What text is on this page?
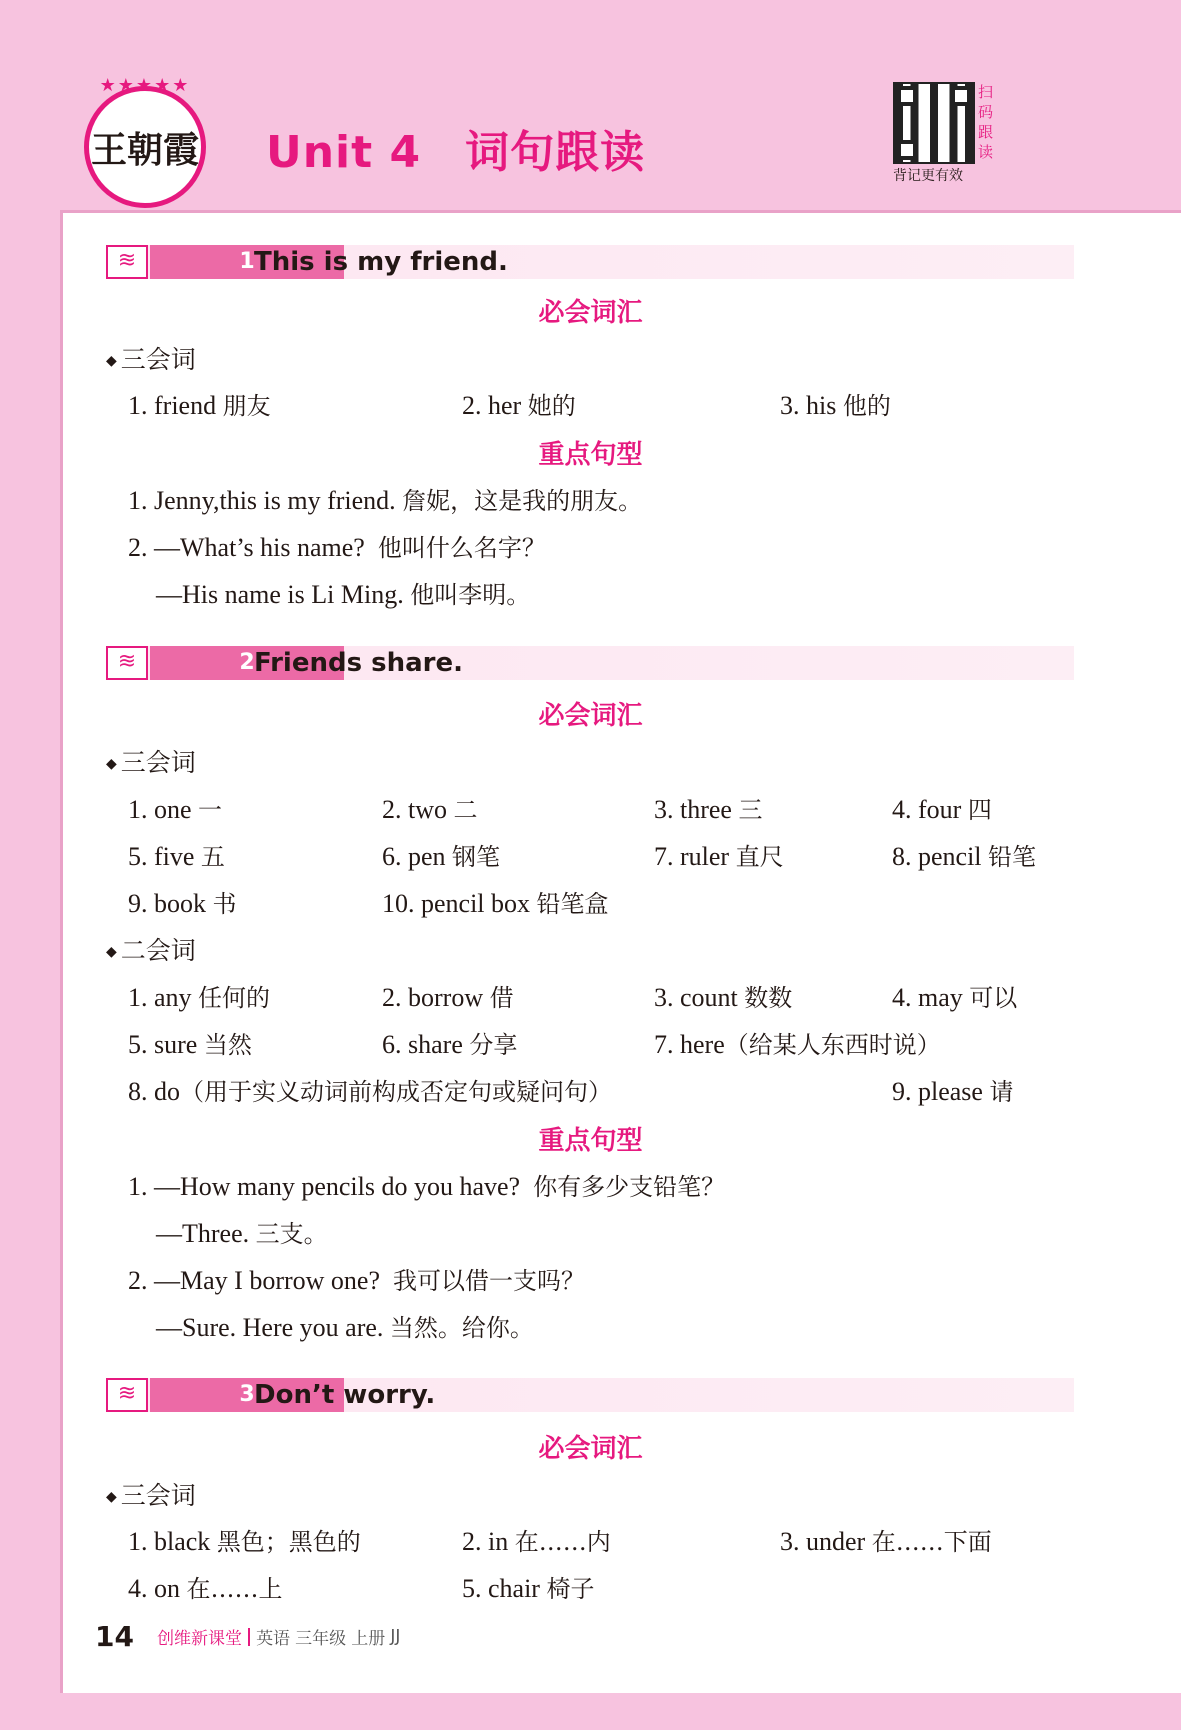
★★★★★
王朝霞 Unit 4 词句跟读
扫
码
跟
读
背记更有效
≋	1 This is my friend.
必会词汇
◆ 三会词
1. friend 朋友	2. her 她的	3. his 他的
重点句型
1. Jenny,this is my friend. 詹妮，这是我的朋友。
2. —What’s his name? 他叫什么名字？
—His name is Li Ming. 他叫李明。
≋	2 Friends share.
必会词汇
◆ 三会词
1. one 一	2. two 二	3. three 三	4. four 四
5. five 五	6. pen 钢笔	7. ruler 直尺	8. pencil 铅笔
9. book 书	10. pencil box 铅笔盒
◆ 二会词
1. any 任何的	2. borrow 借	3. count 数数	4. may 可以
5. sure 当然	6. share 分享	7. here（给某人东西时说）
8. do（用于实义动词前构成否定句或疑问句）	9. please 请
重点句型
1. —How many pencils do you have? 你有多少支铅笔？
—Three. 三支。
2. —May I borrow one? 我可以借一支吗？
—Sure. Here you are. 当然。给你。
≋	3 Don’t worry.
必会词汇
◆ 三会词
1. black 黑色；黑色的	2. in 在……内	3. under 在……下面
4. on 在……上	5. chair 椅子
14 创维新课堂 英语 三年级 上册 JJ
